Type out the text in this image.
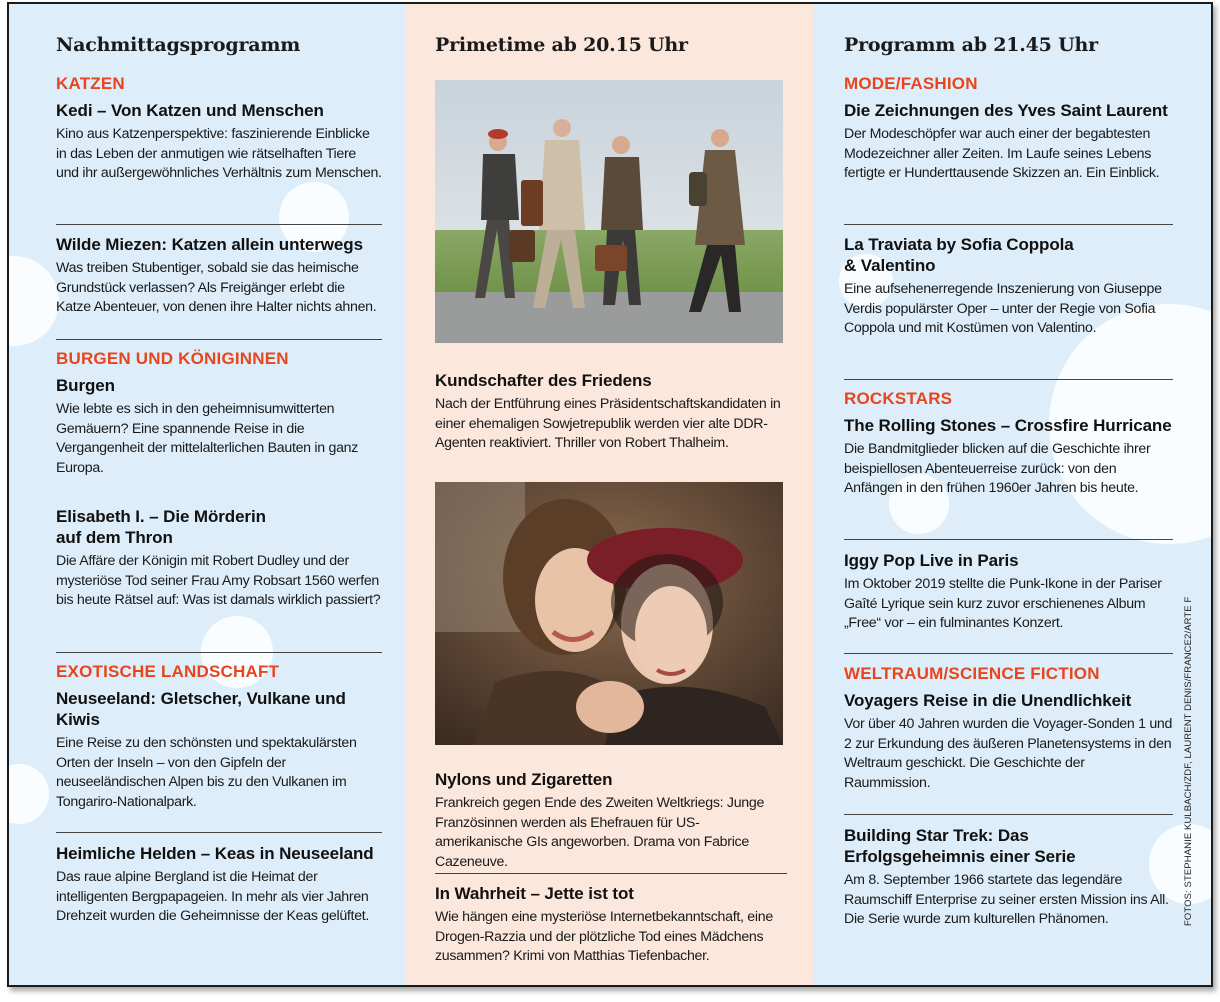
Nachmittagsprogramm
KATZEN
Kedi – Von Katzen und Menschen
Kino aus Katzenperspektive: faszinierende Einblicke in das Leben der anmutigen wie rätselhaften Tiere und ihr außergewöhnliches Verhältnis zum Menschen.
Wilde Miezen: Katzen allein unterwegs
Was treiben Stubentiger, sobald sie das heimische Grundstück verlassen? Als Freigänger erlebt die Katze Abenteuer, von denen ihre Halter nichts ahnen.
BURGEN UND KÖNIGINNEN
Burgen
Wie lebte es sich in den geheimnisumwitterten Gemäuern? Eine spannende Reise in die Vergangenheit der mittelalterlichen Bauten in ganz Europa.
Elisabeth I. – Die Mörderin auf dem Thron
Die Affäre der Königin mit Robert Dudley und der mysteriöse Tod seiner Frau Amy Robsart 1560 werfen bis heute Rätsel auf: Was ist damals wirklich passiert?
EXOTISCHE LANDSCHAFT
Neuseeland: Gletscher, Vulkane und Kiwis
Eine Reise zu den schönsten und spektakulärsten Orten der Inseln – von den Gipfeln der neuseeländischen Alpen bis zu den Vulkanen im Tongariro-Nationalpark.
Heimliche Helden – Keas in Neuseeland
Das raue alpine Bergland ist die Heimat der intelligenten Bergpapageien. In mehr als vier Jahren Drehzeit wurden die Geheimnisse der Keas gelüftet.
Primetime ab 20.15 Uhr
Kundschafter des Friedens
Nach der Entführung eines Präsidentschaftskandidaten in einer ehemaligen Sowjetrepublik werden vier alte DDR-Agenten reaktiviert. Thriller von Robert Thalheim.
Nylons und Zigaretten
Frankreich gegen Ende des Zweiten Weltkriegs: Junge Französinnen werden als Ehefrauen für US-amerikanische GIs angeworben. Drama von Fabrice Cazeneuve.
In Wahrheit – Jette ist tot
Wie hängen eine mysteriöse Internetbekanntschaft, eine Drogen-Razzia und der plötzliche Tod eines Mädchens zusammen? Krimi von Matthias Tiefenbacher.
Programm ab 21.45 Uhr
MODE/FASHION
Die Zeichnungen des Yves Saint Laurent
Der Modeschöpfer war auch einer der begabtesten Modezeichner aller Zeiten. Im Laufe seines Lebens fertigte er Hunderttausende Skizzen an. Ein Einblick.
La Traviata by Sofia Coppola & Valentino
Eine aufsehenerregende Inszenierung von Giuseppe Verdis populärster Oper – unter der Regie von Sofia Coppola und mit Kostümen von Valentino.
ROCKSTARS
The Rolling Stones – Crossfire Hurricane
Die Bandmitglieder blicken auf die Geschichte ihrer beispiellosen Abenteuerreise zurück: von den Anfängen in den frühen 1960er Jahren bis heute.
Iggy Pop Live in Paris
Im Oktober 2019 stellte die Punk-Ikone in der Pariser Gaîté Lyrique sein kurz zuvor erschienenes Album „Free“ vor – ein fulminantes Konzert.
WELTRAUM/SCIENCE FICTION
Voyagers Reise in die Unendlichkeit
Vor über 40 Jahren wurden die Voyager-Sonden 1 und 2 zur Erkundung des äußeren Planetensystems in den Weltraum geschickt. Die Geschichte der Raummission.
Building Star Trek: Das Erfolgsgeheimnis einer Serie
Am 8. September 1966 startete das legendäre Raumschiff Enterprise zu seiner ersten Mission ins All. Die Serie wurde zum kulturellen Phänomen.	FOTOS: STEPHANIE KULBACH/ZDF, LAURENT DENIS/FRANCE2/ARTE F
